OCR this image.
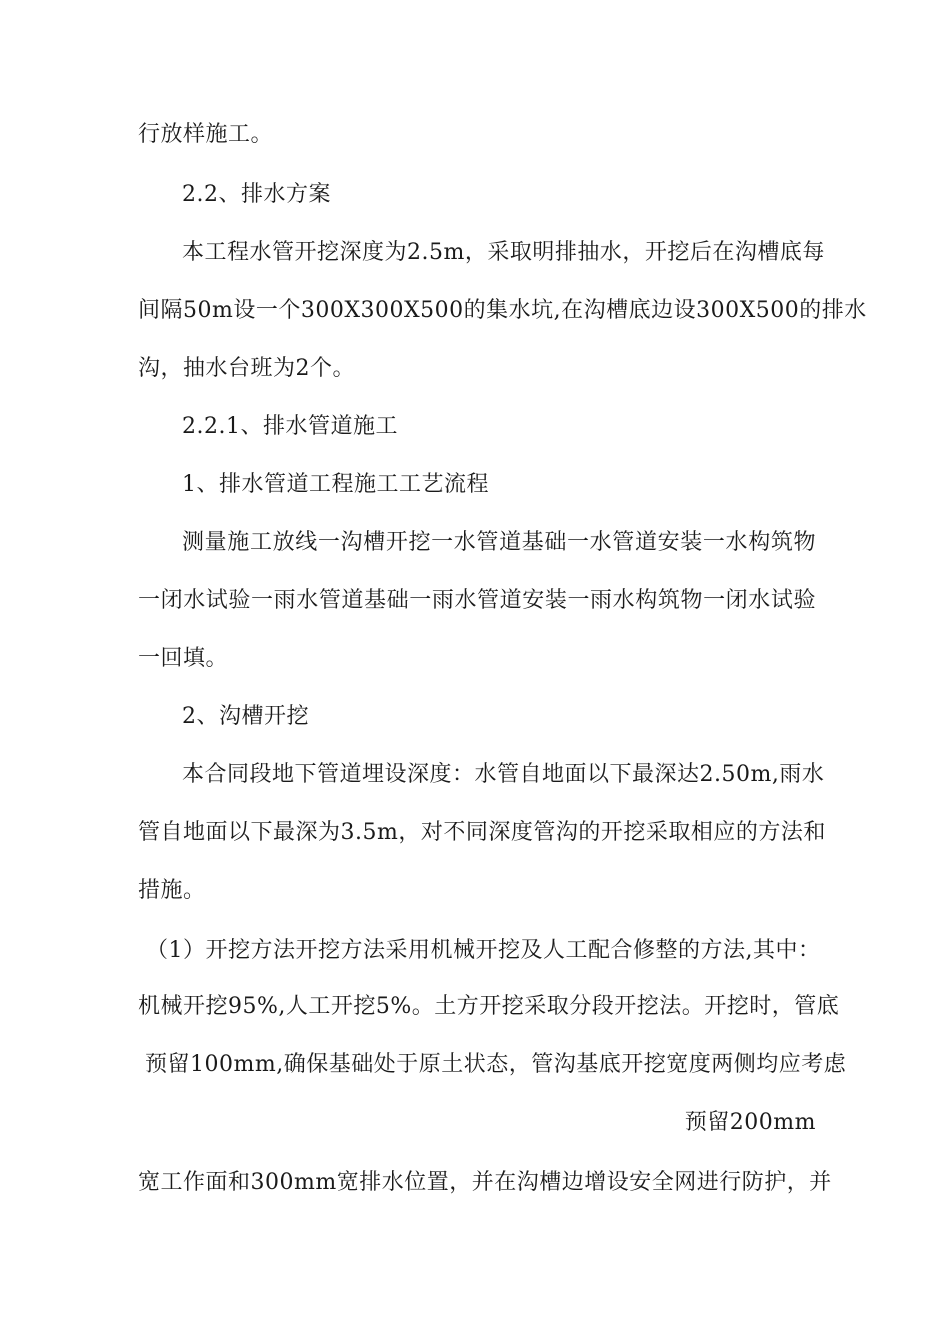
行放样施工。
2.2、排水方案
本工程水管开挖深度为2.5m，采取明排抽水，开挖后在沟槽底每
间隔50m设一个300X300X500的集水坑,在沟槽底边设300X500的排水
沟，抽水台班为2个。
2.2.1、排水管道施工
1、排水管道工程施工工艺流程
测量施工放线一沟槽开挖一水管道基础一水管道安装一水构筑物
一闭水试验一雨水管道基础一雨水管道安装一雨水构筑物一闭水试验
一回填。
2、沟槽开挖
本合同段地下管道埋设深度：水管自地面以下最深达2.50m,雨水
管自地面以下最深为3.5m，对不同深度管沟的开挖采取相应的方法和
措施。
（1）开挖方法开挖方法采用机械开挖及人工配合修整的方法,其中：
机械开挖95%,人工开挖5%。土方开挖采取分段开挖法。开挖时，管底
预留100mm,确保基础处于原土状态，管沟基底开挖宽度两侧均应考虑
预留200mm
宽工作面和300mm宽排水位置，并在沟槽边增设安全网进行防护，并
